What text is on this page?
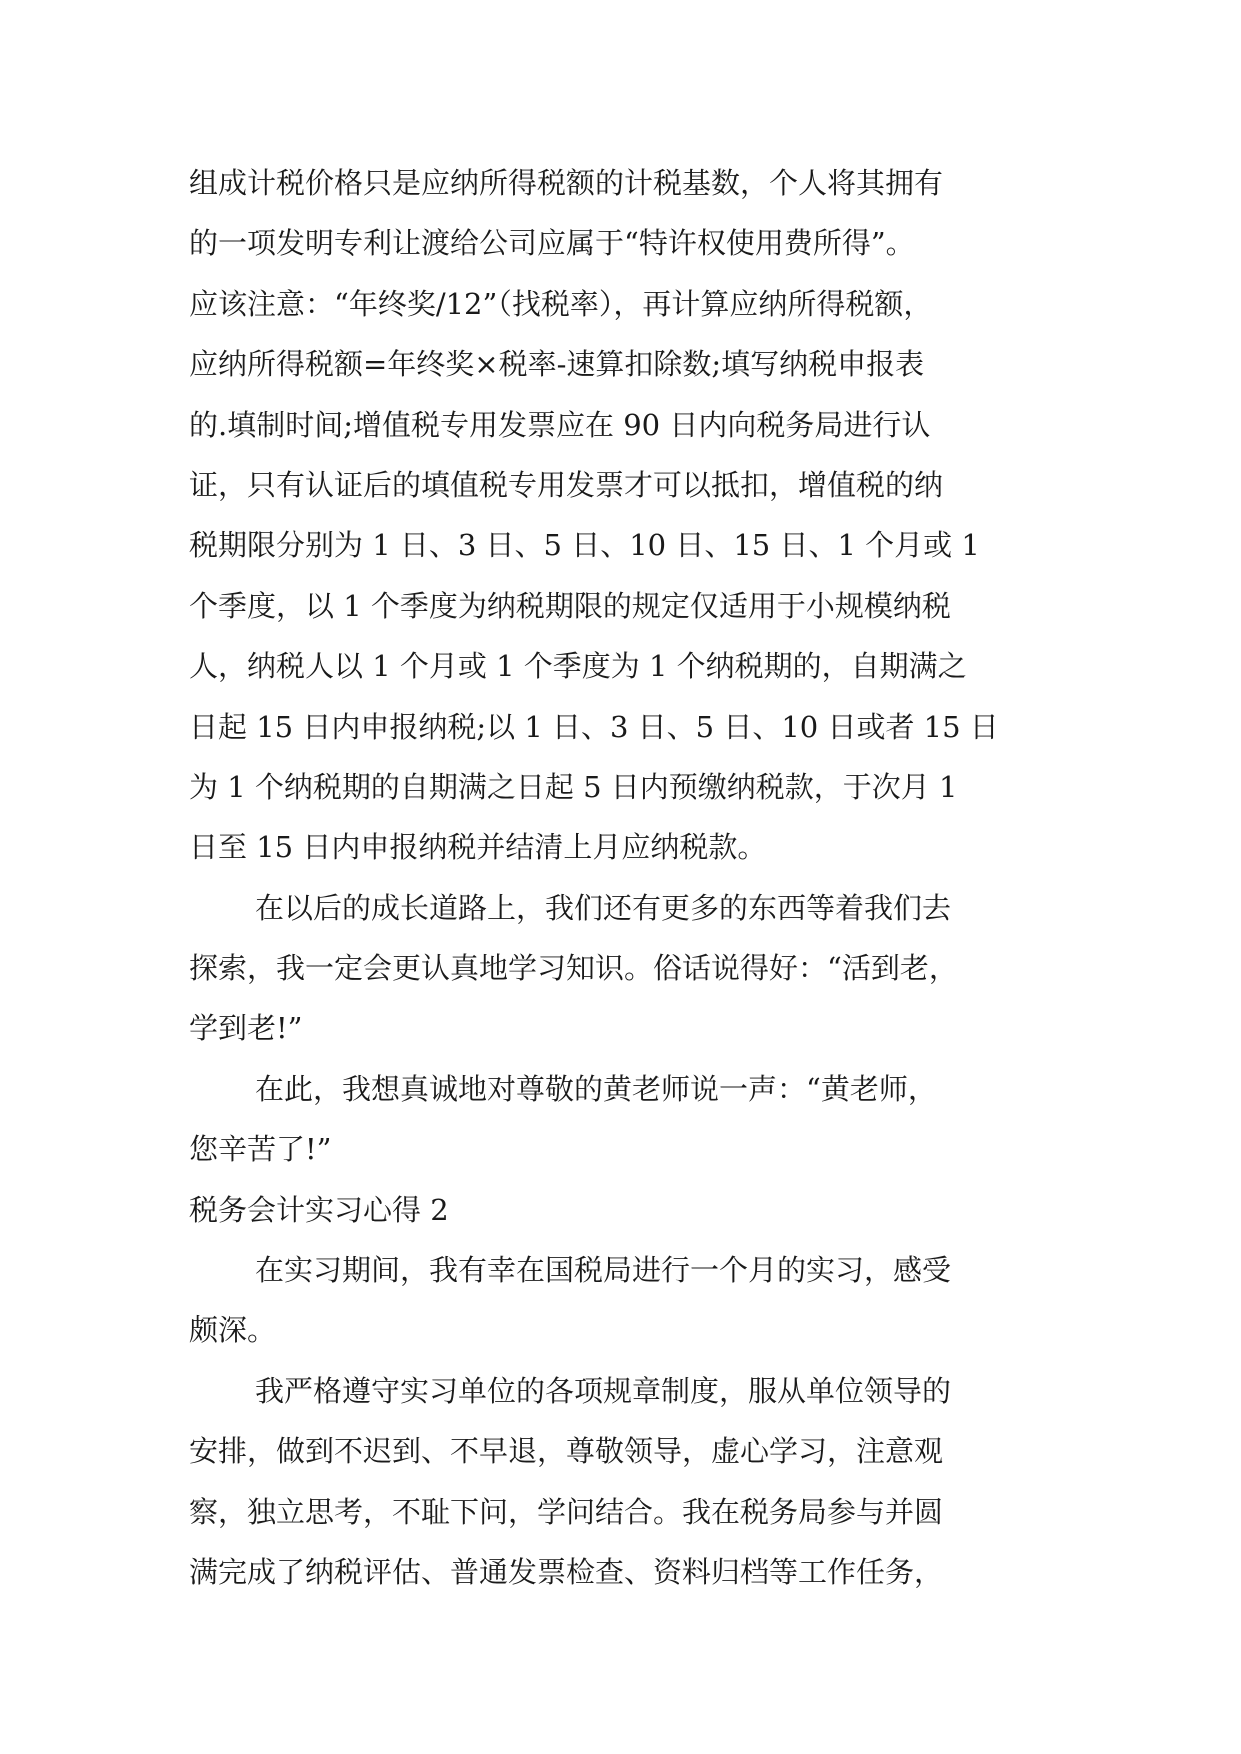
组成计税价格只是应纳所得税额的计税基数，个人将其拥有
的一项发明专利让渡给公司应属于“特许权使用费所得”。
应该注意：“年终奖/12”（找税率），再计算应纳所得税额，
应纳所得税额=年终奖×税率-速算扣除数;填写纳税申报表
的.填制时间;增值税专用发票应在 90 日内向税务局进行认
证，只有认证后的填值税专用发票才可以抵扣，增值税的纳
税期限分别为 1 日、3 日、5 日、10 日、15 日、1 个月或 1
个季度，以 1 个季度为纳税期限的规定仅适用于小规模纳税
人，纳税人以 1 个月或 1 个季度为 1 个纳税期的，自期满之
日起 15 日内申报纳税;以 1 日、3 日、5 日、10 日或者 15 日
为 1 个纳税期的自期满之日起 5 日内预缴纳税款，于次月 1
日至 15 日内申报纳税并结清上月应纳税款。
在以后的成长道路上，我们还有更多的东西等着我们去
探索，我一定会更认真地学习知识。俗话说得好：“活到老，
学到老!”
在此，我想真诚地对尊敬的黄老师说一声：“黄老师，
您辛苦了!”
税务会计实习心得 2
在实习期间，我有幸在国税局进行一个月的实习，感受
颇深。
我严格遵守实习单位的各项规章制度，服从单位领导的
安排，做到不迟到、不早退，尊敬领导，虚心学习，注意观
察，独立思考，不耻下问，学问结合。我在税务局参与并圆
满完成了纳税评估、普通发票检查、资料归档等工作任务，
